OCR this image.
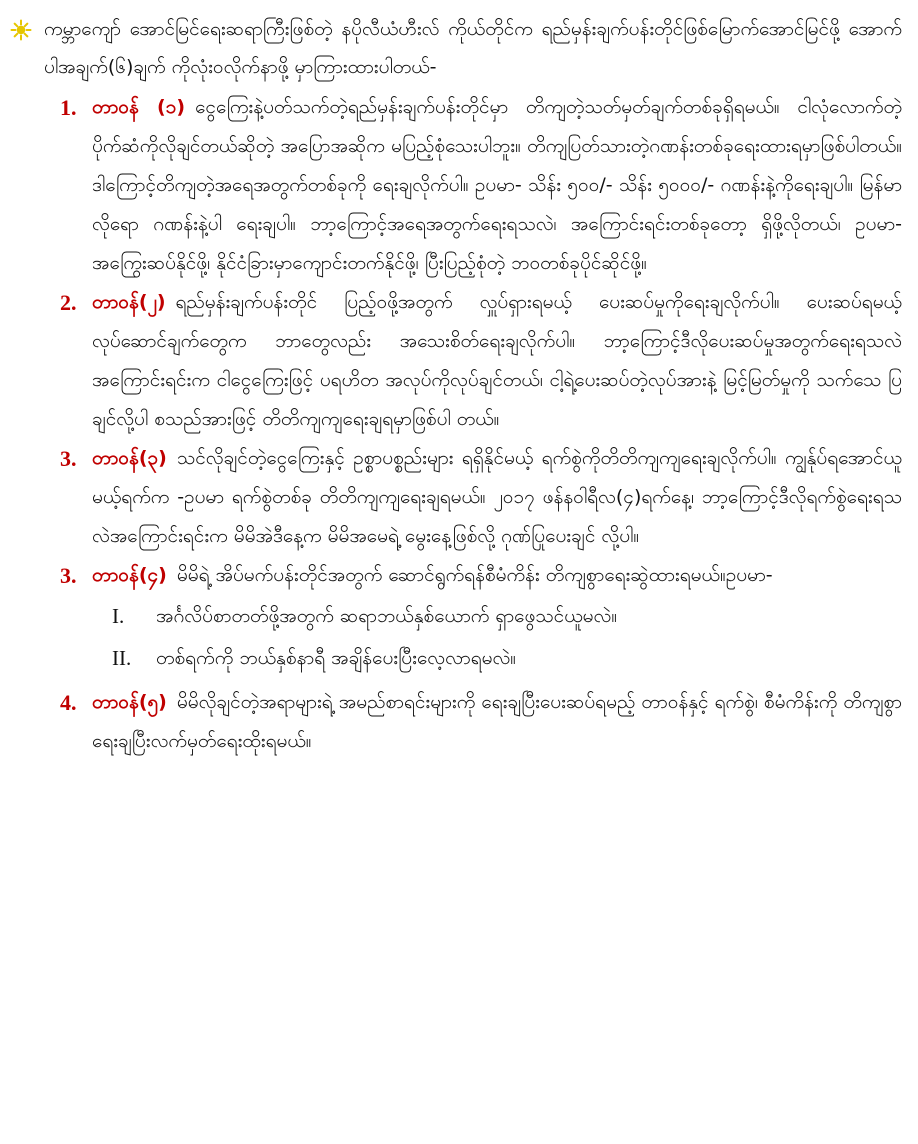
ကမ္ဘာကျော် အောင်မြင်ရေးဆရာကြီးဖြစ်တဲ့ နပိုလီယံဟီးလ် ကိုယ်တိုင်က ရည်မှန်းချက်ပန်းတိုင်ဖြစ်မြောက်အောင်မြင်ဖို့ အောက်ပါအချက်(၆)ချက် ကိုလုံးဝလိုက်နာဖို့ မှာကြားထားပါတယ်-
1. တာဝန် (၁) ငွေကြေးနဲ့ပတ်သက်တဲ့ရည်မှန်းချက်ပန်းတိုင်မှာ တိကျတဲ့သတ်မှတ်ချက်တစ်ခုရှိရမယ်။ ငါလုံလောက်တဲ့ ပိုက်ဆံကိုလိုချင်တယ်ဆိုတဲ့ အပြောအဆိုက မပြည့်စုံသေးပါဘူး။ တိကျပြတ်သားတဲ့ဂဏန်းတစ်ခုရေးထားရမှာဖြစ်ပါတယ်။ ဒါကြောင့်တိကျတဲ့အရေအတွက်တစ်ခုကို ရေးချလိုက်ပါ။ ဥပမာ- သိန်း ၅၀၀/- သိန်း ၅၀၀၀/- ဂဏန်းနဲ့ကိုရေးချပါ။ မြန်မာလိုရော ဂဏန်းနဲ့ပါ ရေးချပါ။ ဘာ့ကြောင့်အရေအတွက်ရေးရသလဲ၊ အကြောင်းရင်းတစ်ခုတော့ ရှိဖို့လိုတယ်၊ ဥပမာ-အကြွေးဆပ်နိုင်ဖို့၊ နိုင်ငံခြားမှာကျောင်းတက်နိုင်ဖို့၊ ပြီးပြည့်စုံတဲ့ ဘဝတစ်ခုပိုင်ဆိုင်ဖို့။
2. တာဝန်(၂) ရည်မှန်းချက်ပန်းတိုင် ပြည့်ဝဖို့အတွက် လှူပ်ရှားရမယ့် ပေးဆပ်မှုကိုရေးချလိုက်ပါ။ ပေးဆပ်ရမယ့် လုပ်ဆောင်ချက်တွေက ဘာတွေလည်း အသေးစိတ်ရေးချလိုက်ပါ။ ဘာ့ကြောင့်ဒီလိုပေးဆပ်မှုအတွက်ရေးရသလဲအကြောင်းရင်းက ငါငွေကြေးဖြင့် ပရဟိတ အလုပ်ကိုလုပ်ချင်တယ်၊ ငါ့ရဲ့ပေးဆပ်တဲ့လုပ်အားနဲ့ မြင့်မြတ်မှုကို သက်သေ ပြချင်လို့ပါ စသည်အားဖြင့် တိတိကျကျရေးချရမှာဖြစ်ပါ တယ်။
3. တာဝန်(၃) သင်လိုချင်တဲ့ငွေကြေးနှင့် ဥစ္စာပစ္စည်းများ ရရှိနိုင်မယ့် ရက်စွဲကိုတိတိကျကျရေးချလိုက်ပါ။ ကျွန်ုပ်ရအောင်ယူမယ့်ရက်က -ဥပမာ ရက်စွဲတစ်ခု တိတိကျကျရေးချရမယ်။ ၂၀၁၇ ဖန်နဝါရီလ(၄)ရက်နေ့၊ ဘာ့ကြောင့်ဒီလိုရက်စွဲရေးရသလဲအကြောင်းရင်းက မိမိအဲဒီနေ့က မိမိအမေရဲ့ မွေးနေ့ဖြစ်လို့ ဂုဏ်ပြုပေးချင် လို့ပါ။
3. တာဝန်(၄) မိမိရဲ့ အိပ်မက်ပန်းတိုင်အတွက် ဆောင်ရွက်ရန်စီမံကိန်း တိကျစွာရေးဆွဲထားရမယ်။ဥပမာ-
I.	အင်္ဂလိပ်စာတတ်ဖို့အတွက် ဆရာဘယ်နှစ်ယောက် ရှာဖွေသင်ယူမလဲ။
II.	တစ်ရက်ကို ဘယ်နှစ်နာရီ အချိန်ပေးပြီးလေ့လာရမလဲ။
4. တာဝန်(၅) မိမိလိုချင်တဲ့အရာများရဲ့ အမည်စာရင်းများကို ရေးချပြီးပေးဆပ်ရမည့် တာဝန်နှင့် ရက်စွဲ၊ စီမံကိန်းကို တိကျစွာရေးချပြီးလက်မှတ်ရေးထိုးရမယ်။
